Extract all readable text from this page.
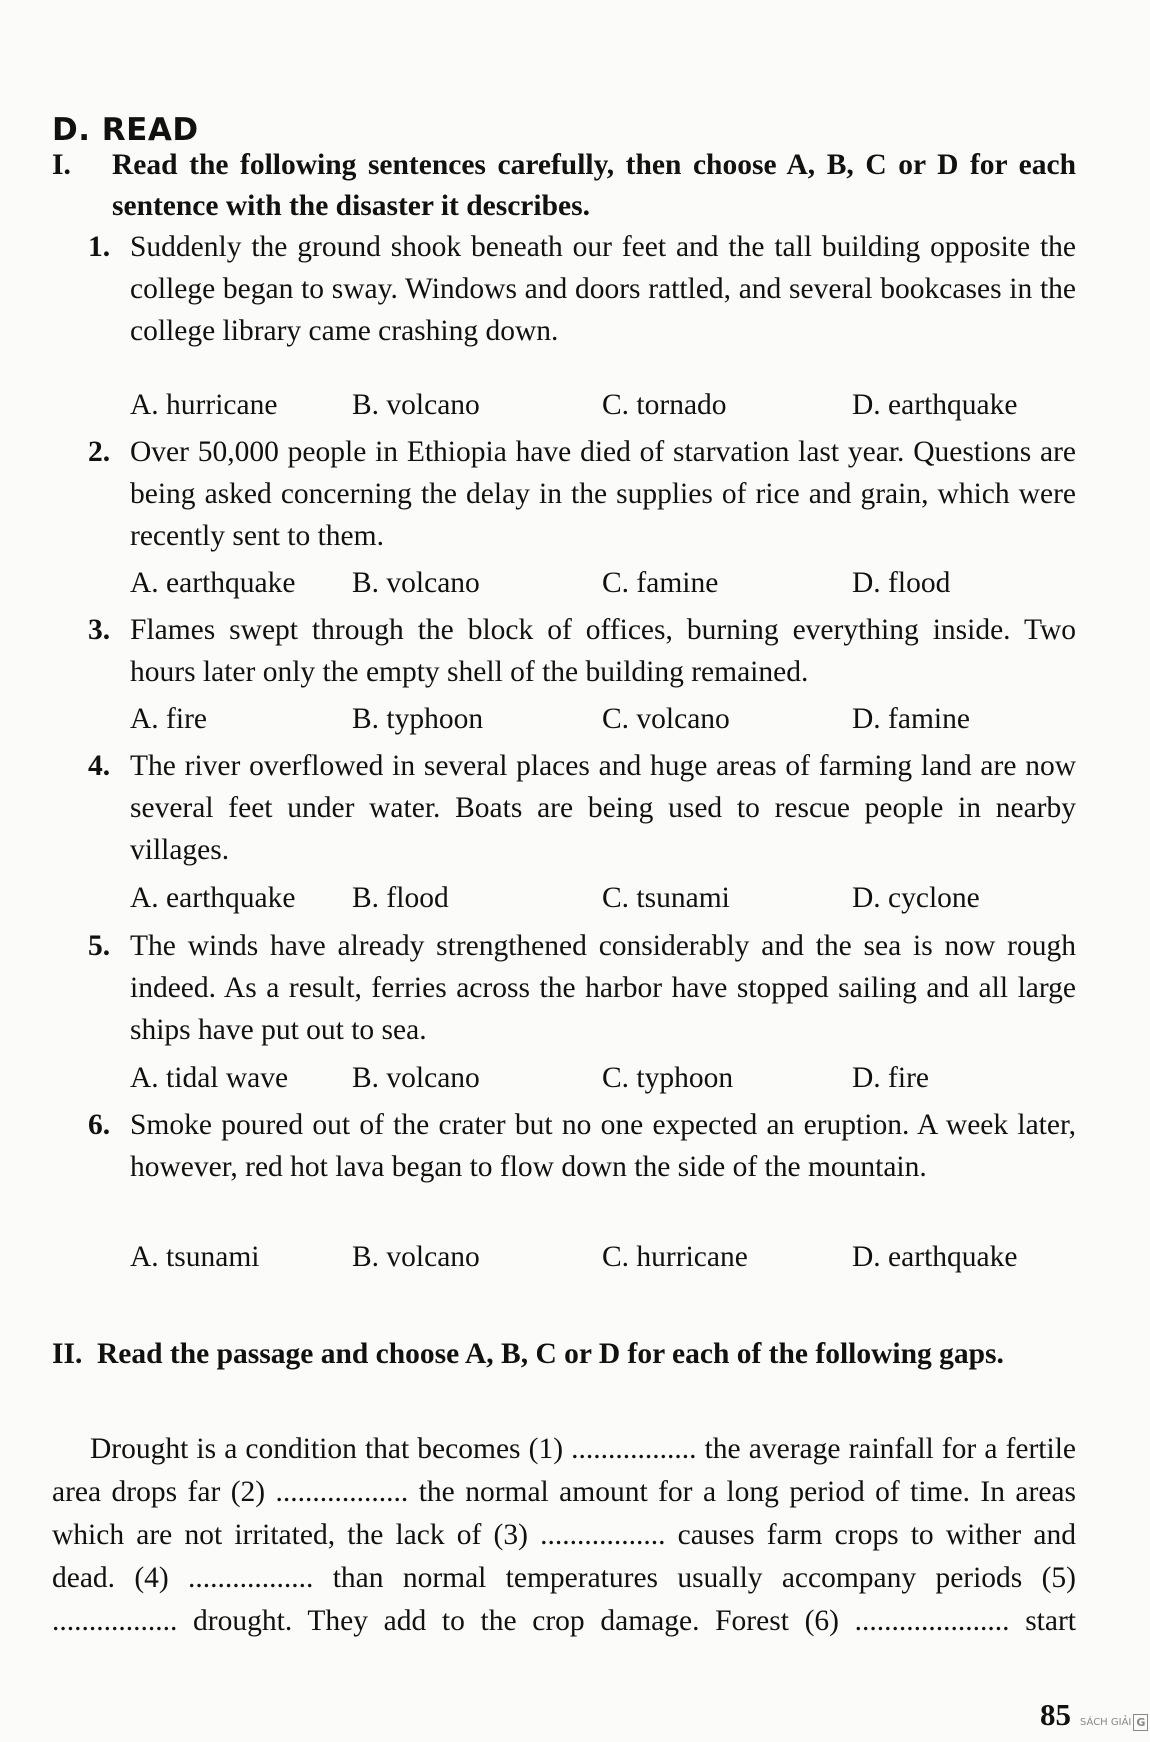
D. READ
I. Read the following sentences carefully, then choose A, B, C or D for each sentence with the disaster it describes.
1. Suddenly the ground shook beneath our feet and the tall building opposite the college began to sway. Windows and doors rattled, and several bookcases in the college library came crashing down.
A. hurricane	B. volcano	C. tornado	D. earthquake
2. Over 50,000 people in Ethiopia have died of starvation last year. Questions are being asked concerning the delay in the supplies of rice and grain, which were recently sent to them.
A. earthquake B. volcano	C. famine	D. flood
3. Flames swept through the block of offices, burning everything inside. Two hours later only the empty shell of the building remained.
A. fire	B. typhoon	C. volcano	D. famine
4. The river overflowed in several places and huge areas of farming land are now several feet under water. Boats are being used to rescue people in nearby villages.
A. earthquake B. flood	C. tsunami	D. cyclone
5. The winds have already strengthened considerably and the sea is now rough indeed. As a result, ferries across the harbor have stopped sailing and all large ships have put out to sea.
A. tidal wave B. volcano	C. typhoon	D. fire
6. Smoke poured out of the crater but no one expected an eruption. A week later, however, red hot lava began to flow down the side of the mountain.
A. tsunami	B. volcano	C. hurricane	D. earthquake
II. Read the passage and choose A, B, C or D for each of the following gaps.
Drought is a condition that becomes (1) ................. the average rainfall for a fertile area drops far (2) .................. the normal amount for a long period of time. In areas which are not irritated, the lack of (3) ................. causes farm crops to wither and dead. (4) ................. than normal temperatures usually accompany periods (5) ................. drought. They add to the crop damage. Forest (6) ..................... start
85 SÁCH GIẢI G
